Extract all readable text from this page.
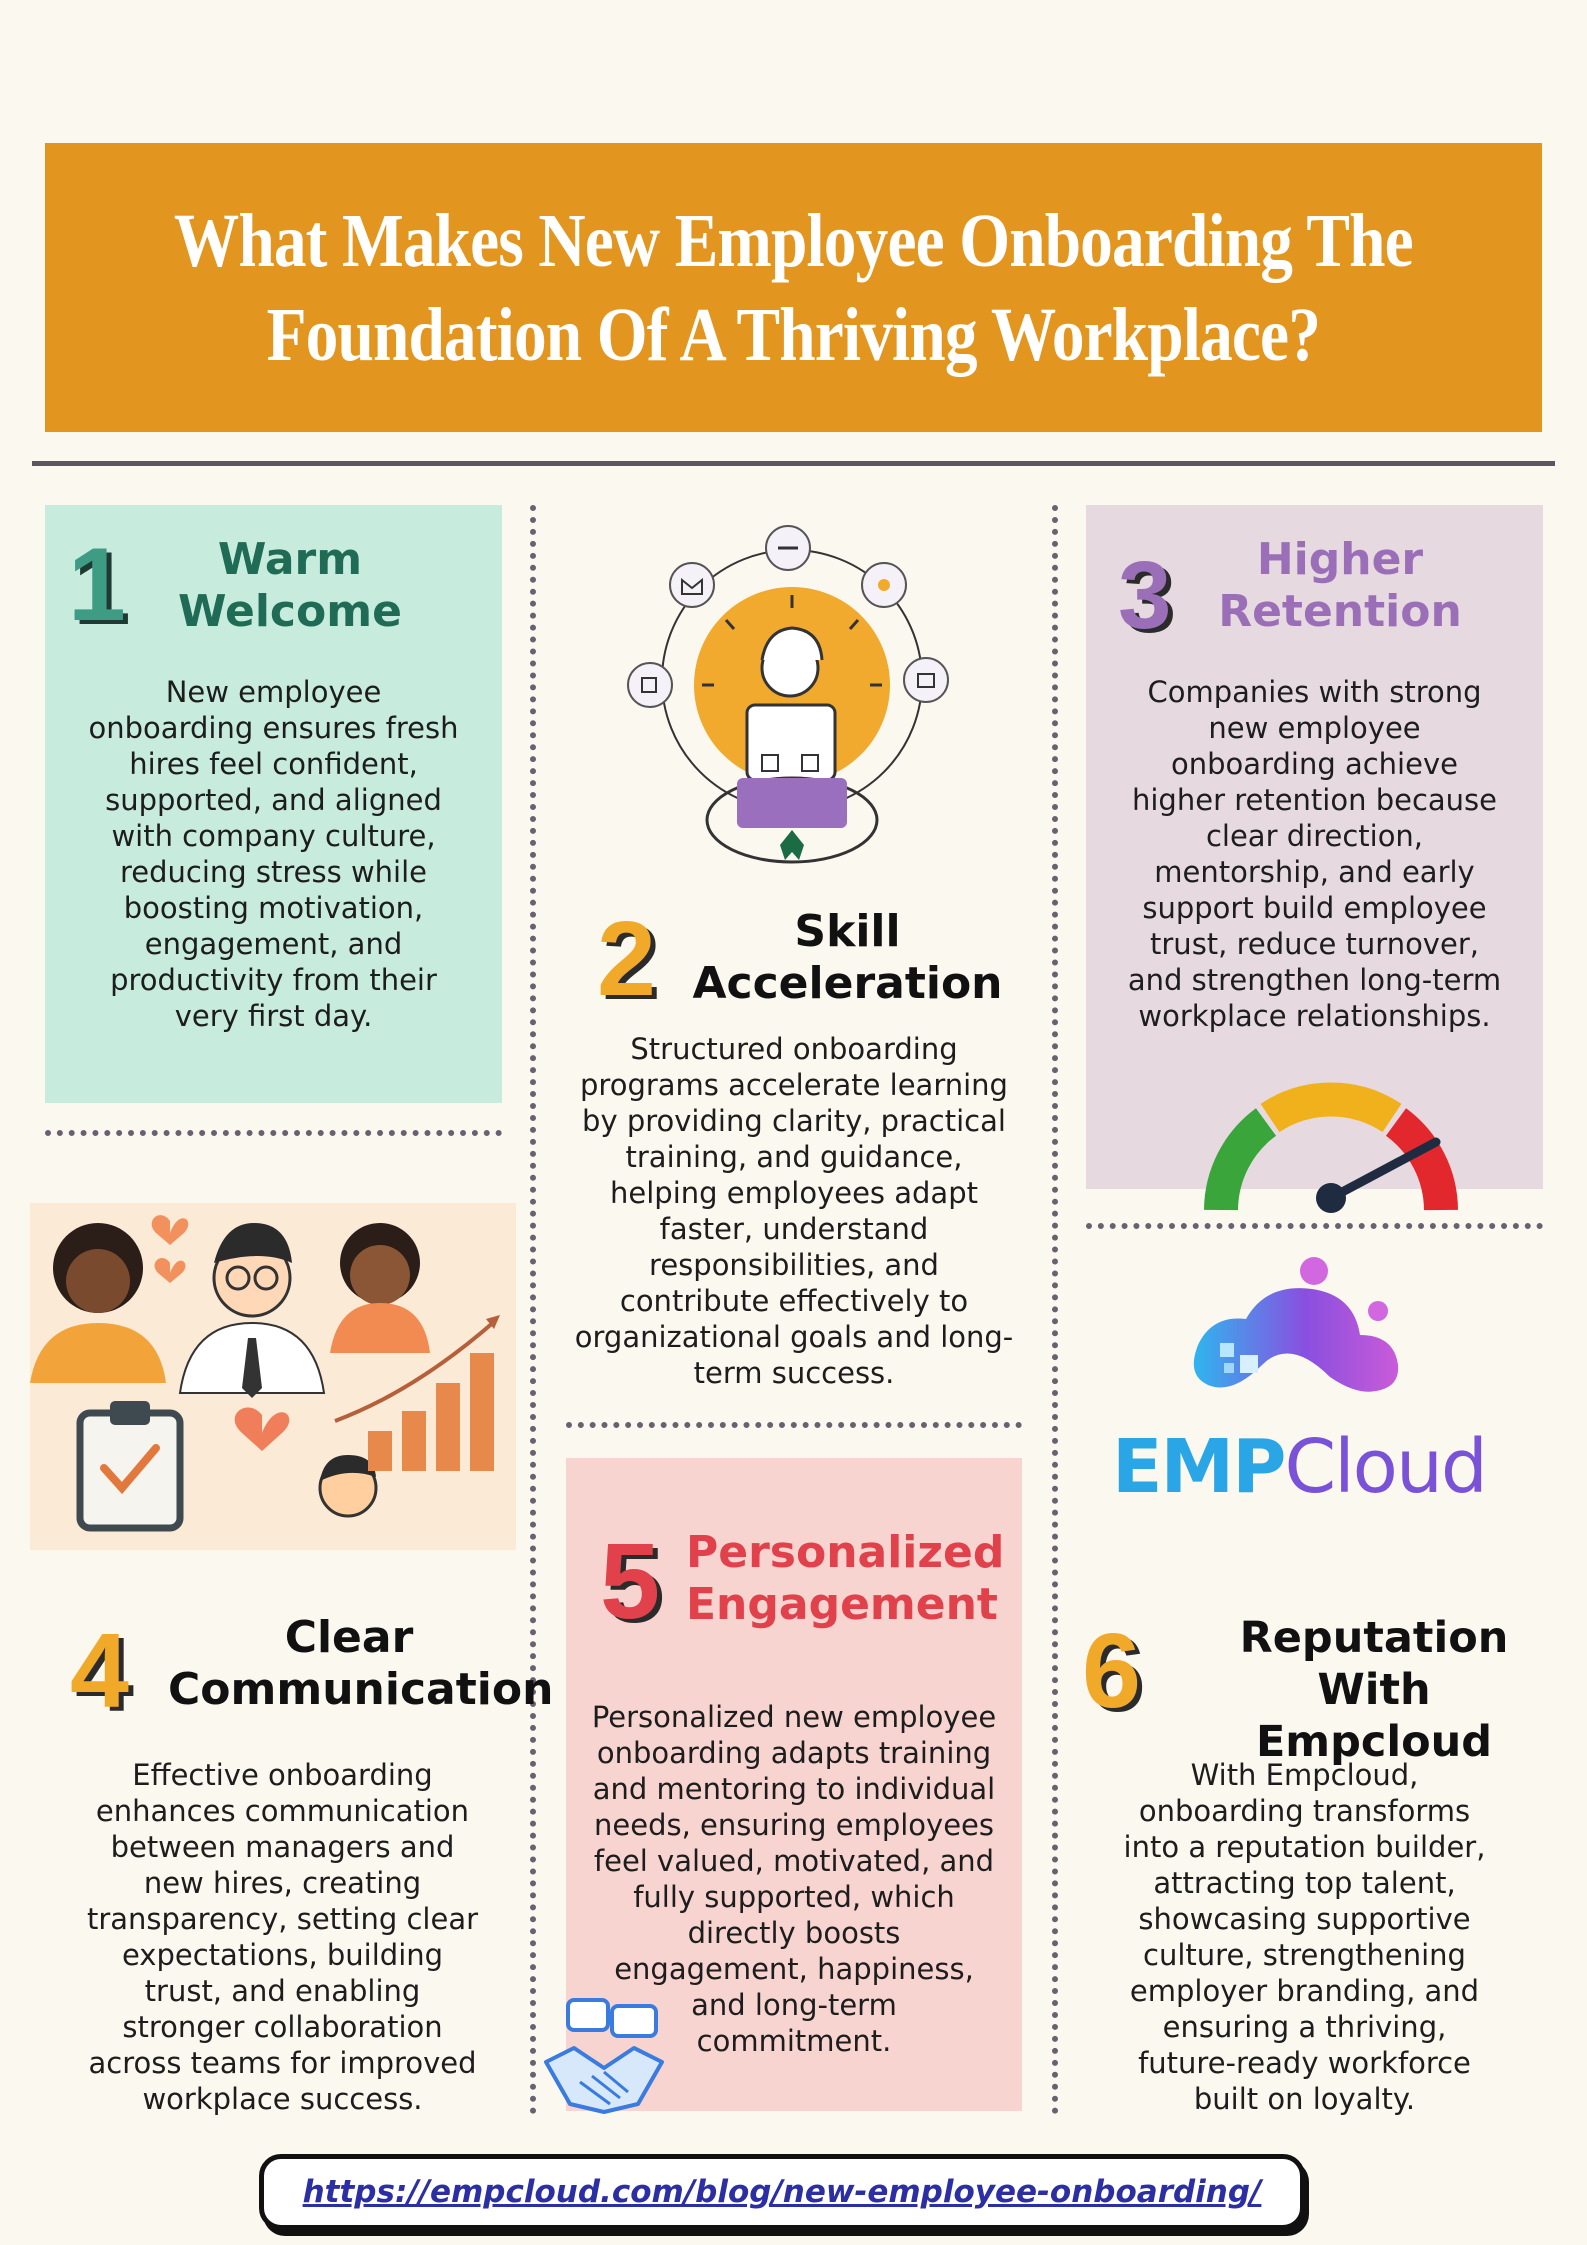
What Makes New Employee Onboarding The
Foundation Of A Thriving Workplace?
1	Warm
Welcome
New employee
onboarding ensures fresh
hires feel confident,
supported, and aligned
with company culture,
reducing stress while
boosting motivation,
engagement, and
productivity from their
very first day.	2	Skill
Acceleration
Structured onboarding
programs accelerate learning
by providing clarity, practical
training, and guidance,
helping employees adapt
faster, understand
responsibilities, and
contribute effectively to
organizational goals and long-
term success.
3	Higher
Retention
Companies with strong
new employee
onboarding achieve
higher retention because
clear direction,
mentorship, and early
support build employee
trust, reduce turnover,
and strengthen long-term
workplace relationships.
4	Clear
Communication
Effective onboarding
enhances communication
between managers and
new hires, creating
transparency, setting clear
expectations, building
trust, and enabling
stronger collaboration
across teams for improved
workplace success.
5 Personalized
Engagement
Personalized new employee
onboarding adapts training
and mentoring to individual
needs, ensuring employees
feel valued, motivated, and
fully supported, which
directly boosts
engagement, happiness,
and long-term
commitment.
EMPCloud
6	Reputation With
Empcloud
With Empcloud,
onboarding transforms
into a reputation builder,
attracting top talent,
showcasing supportive
culture, strengthening
employer branding, and
ensuring a thriving,
future-ready workforce
built on loyalty.
https://empcloud.com/blog/new-employee-onboarding/
